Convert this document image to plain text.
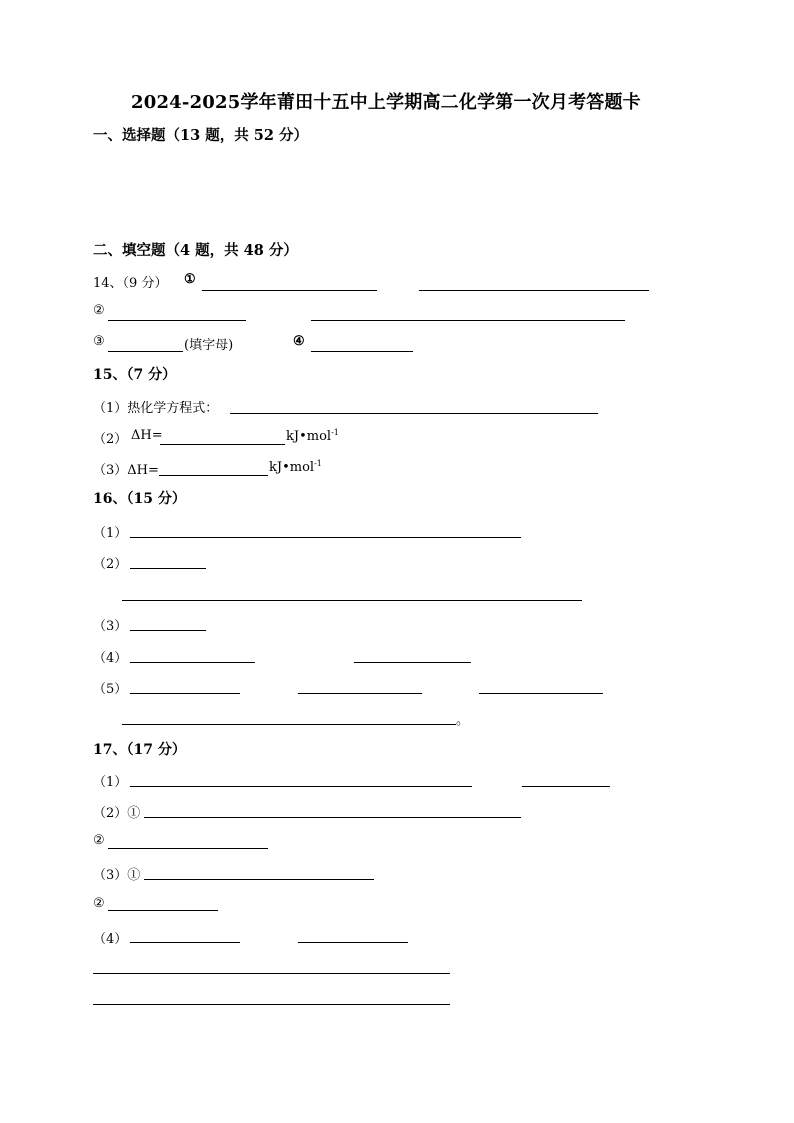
2024-2025学年莆田十五中上学期高二化学第一次月考答题卡
一、选择题（13 题，共 52 分）
二、填空题（4 题，共 48 分）
14、（9 分） ①
②
③	(填字母)	④
15、（7 分）
（1）热化学方程式：
（2） ΔH=	kJ•mol$^{-1}$
（3）ΔH=	kJ•mol$^{-1}$
16、（15 分）
（1）
（2）
（3）
（4）
（5）
。
17、（17 分）
（1）
（2）①
②
（3）①
②
（4）
